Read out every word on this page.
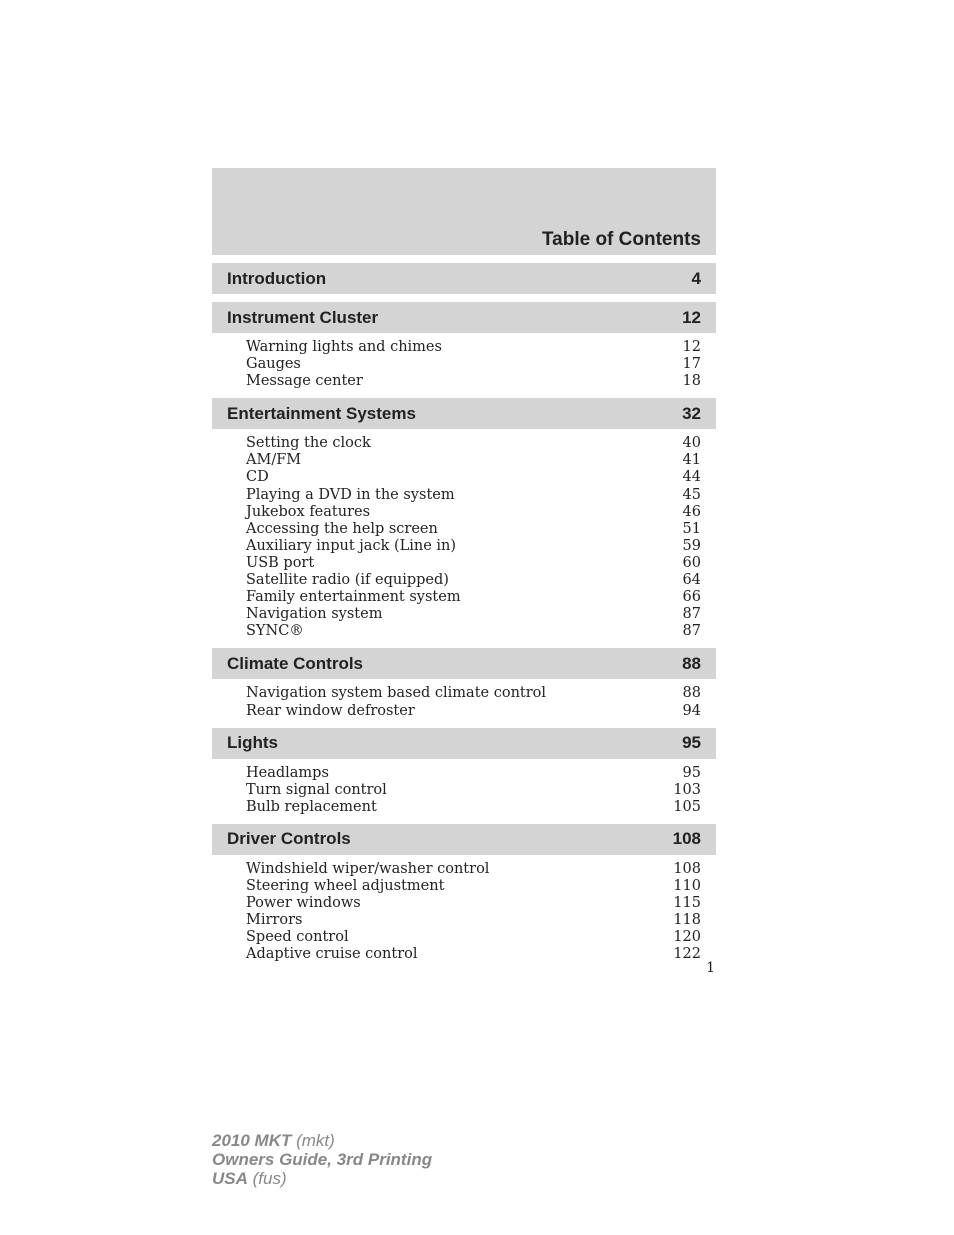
Table of Contents
Introduction	4
Instrument Cluster	12
Warning lights and chimes	12
Gauges	17
Message center	18
Entertainment Systems	32
Setting the clock	40
AM/FM	41
CD	44
Playing a DVD in the system	45
Jukebox features	46
Accessing the help screen	51
Auxiliary input jack (Line in)	59
USB port	60
Satellite radio (if equipped)	64
Family entertainment system	66
Navigation system	87
SYNC®	87
Climate Controls	88
Navigation system based climate control	88
Rear window defroster	94
Lights	95
Headlamps	95
Turn signal control	103
Bulb replacement	105
Driver Controls	108
Windshield wiper/washer control	108
Steering wheel adjustment	110
Power windows	115
Mirrors	118
Speed control	120
Adaptive cruise control	122
1
2010 MKT (mkt)
Owners Guide, 3rd Printing
USA (fus)
